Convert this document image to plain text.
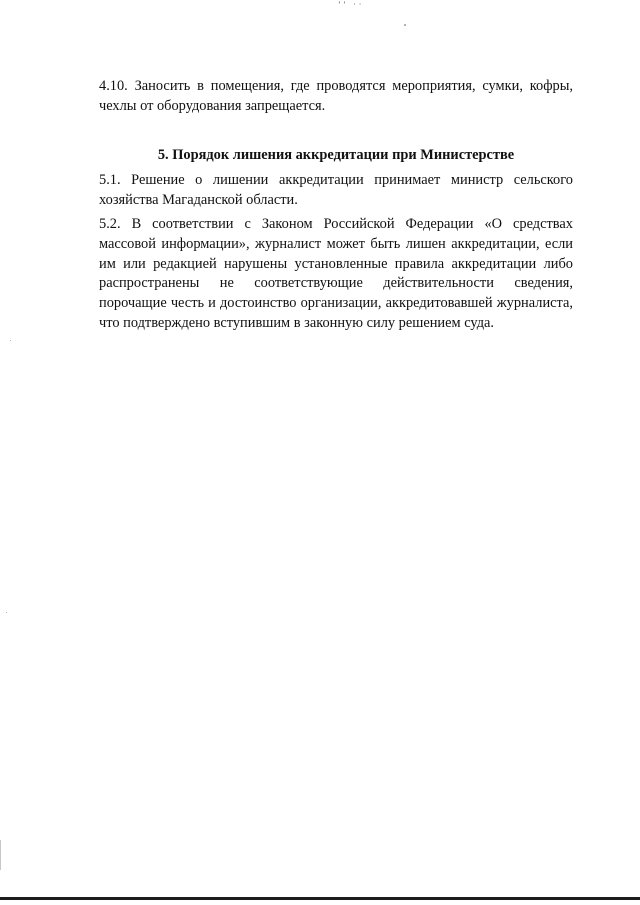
’’ ··

4.10. Заносить в помещения, где проводятся мероприятия, сумки, кофры, чехлы от оборудования запрещается.

5. Порядок лишения аккредитации при Министерстве

5.1. Решение о лишении аккредитации принимает министр сельского хозяйства Магаданской области.

5.2. В соответствии с Законом Российской Федерации «О средствах массовой информации», журналист может быть лишен аккредитации, если им или редакцией нарушены установленные правила аккредитации либо распространены не соответствующие действительности сведения, порочащие честь и достоинство организации, аккредитовавшей журналиста, что подтверждено вступившим в законную силу решением суда.
